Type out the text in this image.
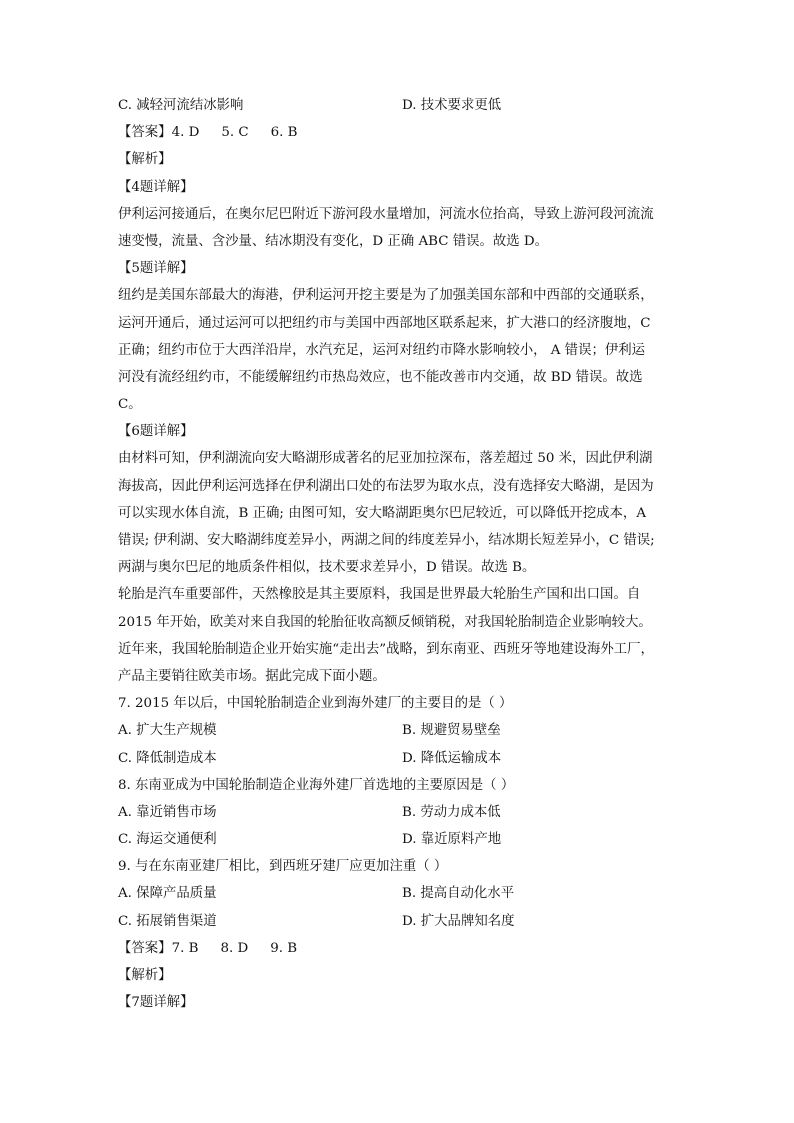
C. 减轻河流结冰影响	D. 技术要求更低
【答案】4. D 5. C 6. B
【解析】
【4题详解】
伊利运河接通后，在奥尔尼巴附近下游河段水量增加，河流水位抬高，导致上游河段河流流
速变慢，流量、含沙量、结冰期没有变化，D 正确 ABC 错误。故选 D。
【5题详解】
纽约是美国东部最大的海港，伊利运河开挖主要是为了加强美国东部和中西部的交通联系，
运河开通后，通过运河可以把纽约市与美国中西部地区联系起来，扩大港口的经济腹地，C
正确；纽约市位于大西洋沿岸，水汽充足，运河对纽约市降水影响较小， A 错误；伊利运
河没有流经纽约市，不能缓解纽约市热岛效应，也不能改善市内交通，故 BD 错误。故选
C。
【6题详解】
由材料可知，伊利湖流向安大略湖形成著名的尼亚加拉深布，落差超过 50 米，因此伊利湖
海拔高，因此伊利运河选择在伊利湖出口处的布法罗为取水点，没有选择安大略湖，是因为
可以实现水体自流，B 正确; 由图可知，安大略湖距奥尔巴尼较近，可以降低开挖成本，A
错误; 伊利湖、安大略湖纬度差异小，两湖之间的纬度差异小，结冰期长短差异小，C 错误;
两湖与奥尔巴尼的地质条件相似，技术要求差异小，D 错误。故选 B。
轮胎是汽车重要部件，天然橡胶是其主要原料，我国是世界最大轮胎生产国和出口国。自
2015 年开始，欧美对来自我国的轮胎征收高额反倾销税，对我国轮胎制造企业影响较大。
近年来，我国轮胎制造企业开始实施“走出去”战略，到东南亚、西班牙等地建设海外工厂，
产品主要销往欧美市场。据此完成下面小题。
7. 2015 年以后，中国轮胎制造企业到海外建厂的主要目的是（ ）
A. 扩大生产规模	B. 规避贸易壁垒
C. 降低制造成本	D. 降低运输成本
8. 东南亚成为中国轮胎制造企业海外建厂首选地的主要原因是（ ）
A. 靠近销售市场	B. 劳动力成本低
C. 海运交通便利	D. 靠近原料产地
9. 与在东南亚建厂相比，到西班牙建厂应更加注重（ ）
A. 保障产品质量	B. 提高自动化水平
C. 拓展销售渠道	D. 扩大品牌知名度
【答案】7. B 8. D 9. B
【解析】
【7题详解】
